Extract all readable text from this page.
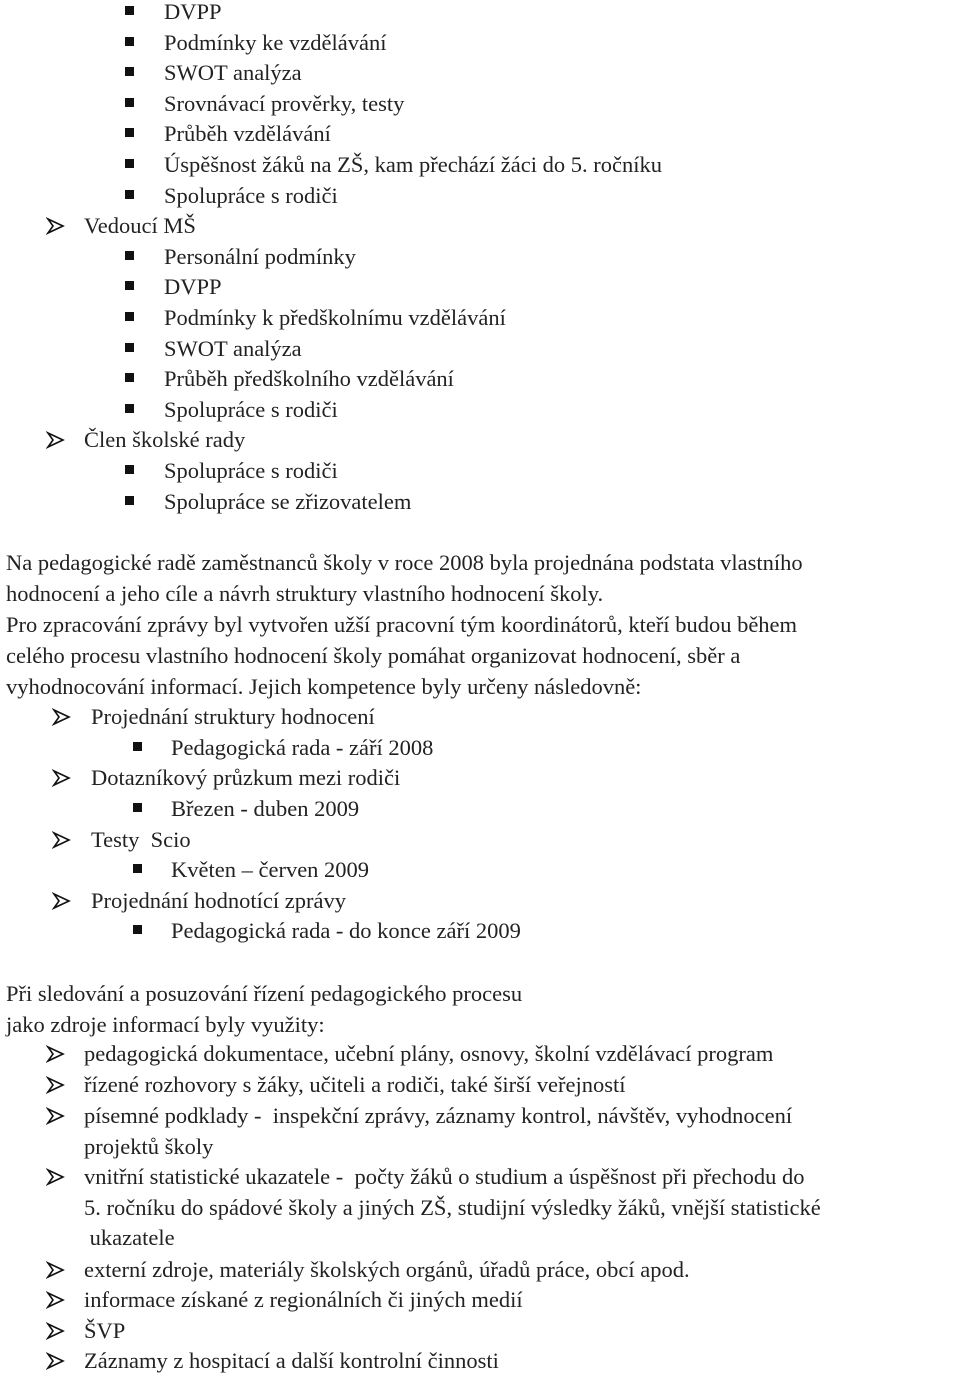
DVPP
Podmínky ke vzdělávání
SWOT analýza
Srovnávací prověrky, testy
Průběh vzdělávání
Úspěšnost žáků na ZŠ, kam přechází žáci do 5. ročníku
Spolupráce s rodiči
Vedoucí MŠ
Personální podmínky
DVPP
Podmínky k předškolnímu vzdělávání
SWOT analýza
Průběh předškolního vzdělávání
Spolupráce s rodiči
Člen školské rady
Spolupráce s rodiči
Spolupráce se zřizovatelem
Na pedagogické radě zaměstnanců školy v roce 2008 byla projednána podstata vlastního
hodnocení a jeho cíle a návrh struktury vlastního hodnocení školy.
Pro zpracování zprávy byl vytvořen užší pracovní tým koordinátorů, kteří budou během
celého procesu vlastního hodnocení školy pomáhat organizovat hodnocení, sběr a
vyhodnocování informací. Jejich kompetence byly určeny následovně:
Projednání struktury hodnocení
Pedagogická rada - září 2008
Dotazníkový průzkum mezi rodiči
Březen - duben 2009
Testy  Scio
Květen – červen 2009
Projednání hodnotící zprávy
Pedagogická rada - do konce září 2009
Při sledování a posuzování řízení pedagogického procesu
jako zdroje informací byly využity:
pedagogická dokumentace, učební plány, osnovy, školní vzdělávací program
řízené rozhovory s žáky, učiteli a rodiči, také širší veřejností
písemné podklady -  inspekční zprávy, záznamy kontrol, návštěv, vyhodnocení
projektů školy
vnitřní statistické ukazatele -  počty žáků o studium a úspěšnost při přechodu do
5. ročníku do spádové školy a jiných ZŠ, studijní výsledky žáků, vnější statistické
ukazatele
externí zdroje, materiály školských orgánů, úřadů práce, obcí apod.
informace získané z regionálních či jiných medií
ŠVP
Záznamy z hospitací a další kontrolní činnosti
